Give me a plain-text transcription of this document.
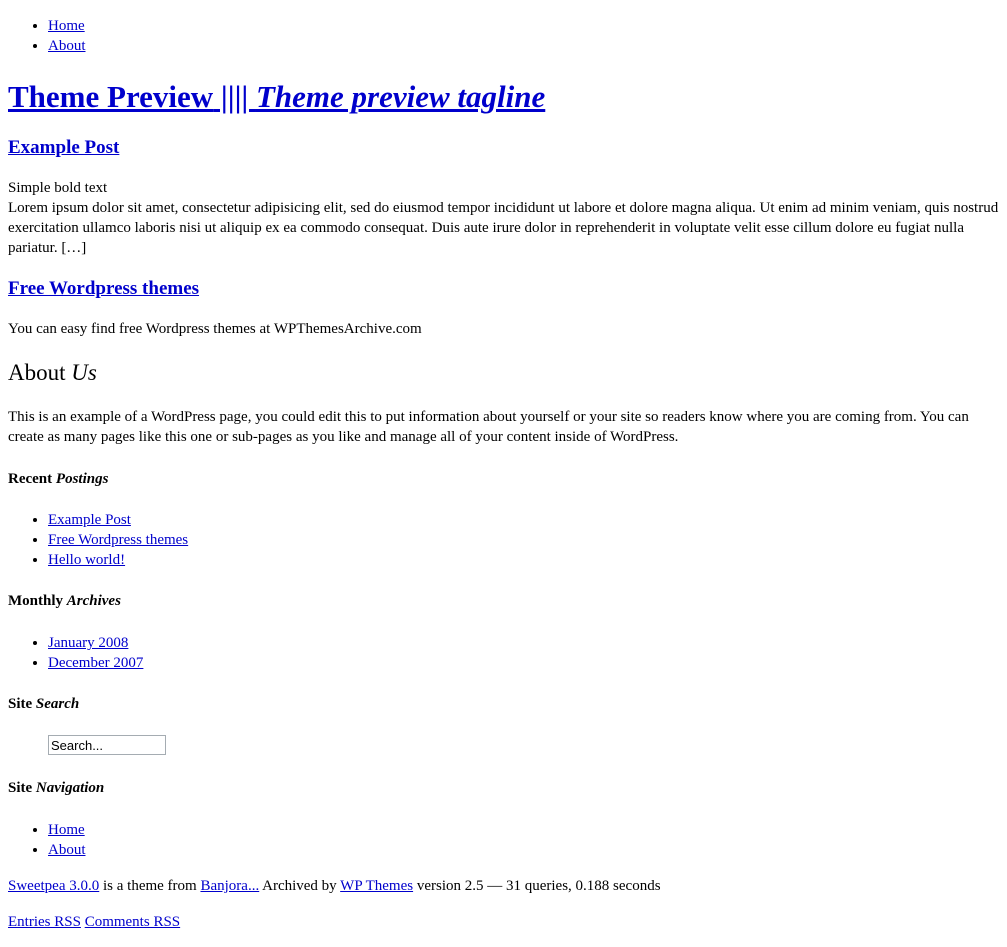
• Home
• About
Theme Preview |||| Theme preview tagline
Example Post
Simple bold text
Lorem ipsum dolor sit amet, consectetur adipisicing elit, sed do eiusmod tempor incididunt ut labore et dolore magna aliqua. Ut enim ad minim veniam, quis nostrud exercitation ullamco laboris nisi ut aliquip ex ea commodo consequat. Duis aute irure dolor in reprehenderit in voluptate velit esse cillum dolore eu fugiat nulla pariatur. […]
Free Wordpress themes
You can easy find free Wordpress themes at WPThemesArchive.com
About Us
This is an example of a WordPress page, you could edit this to put information about yourself or your site so readers know where you are coming from. You can create as many pages like this one or sub-pages as you like and manage all of your content inside of WordPress.
Recent Postings
• Example Post
• Free Wordpress themes
• Hello world!
Monthly Archives
• January 2008
• December 2007
Site Search
Search...
Site Navigation
• Home
• About
Sweetpea 3.0.0 is a theme from Banjora... Archived by WP Themes version 2.5 — 31 queries, 0.188 seconds
Entries RSS Comments RSS
